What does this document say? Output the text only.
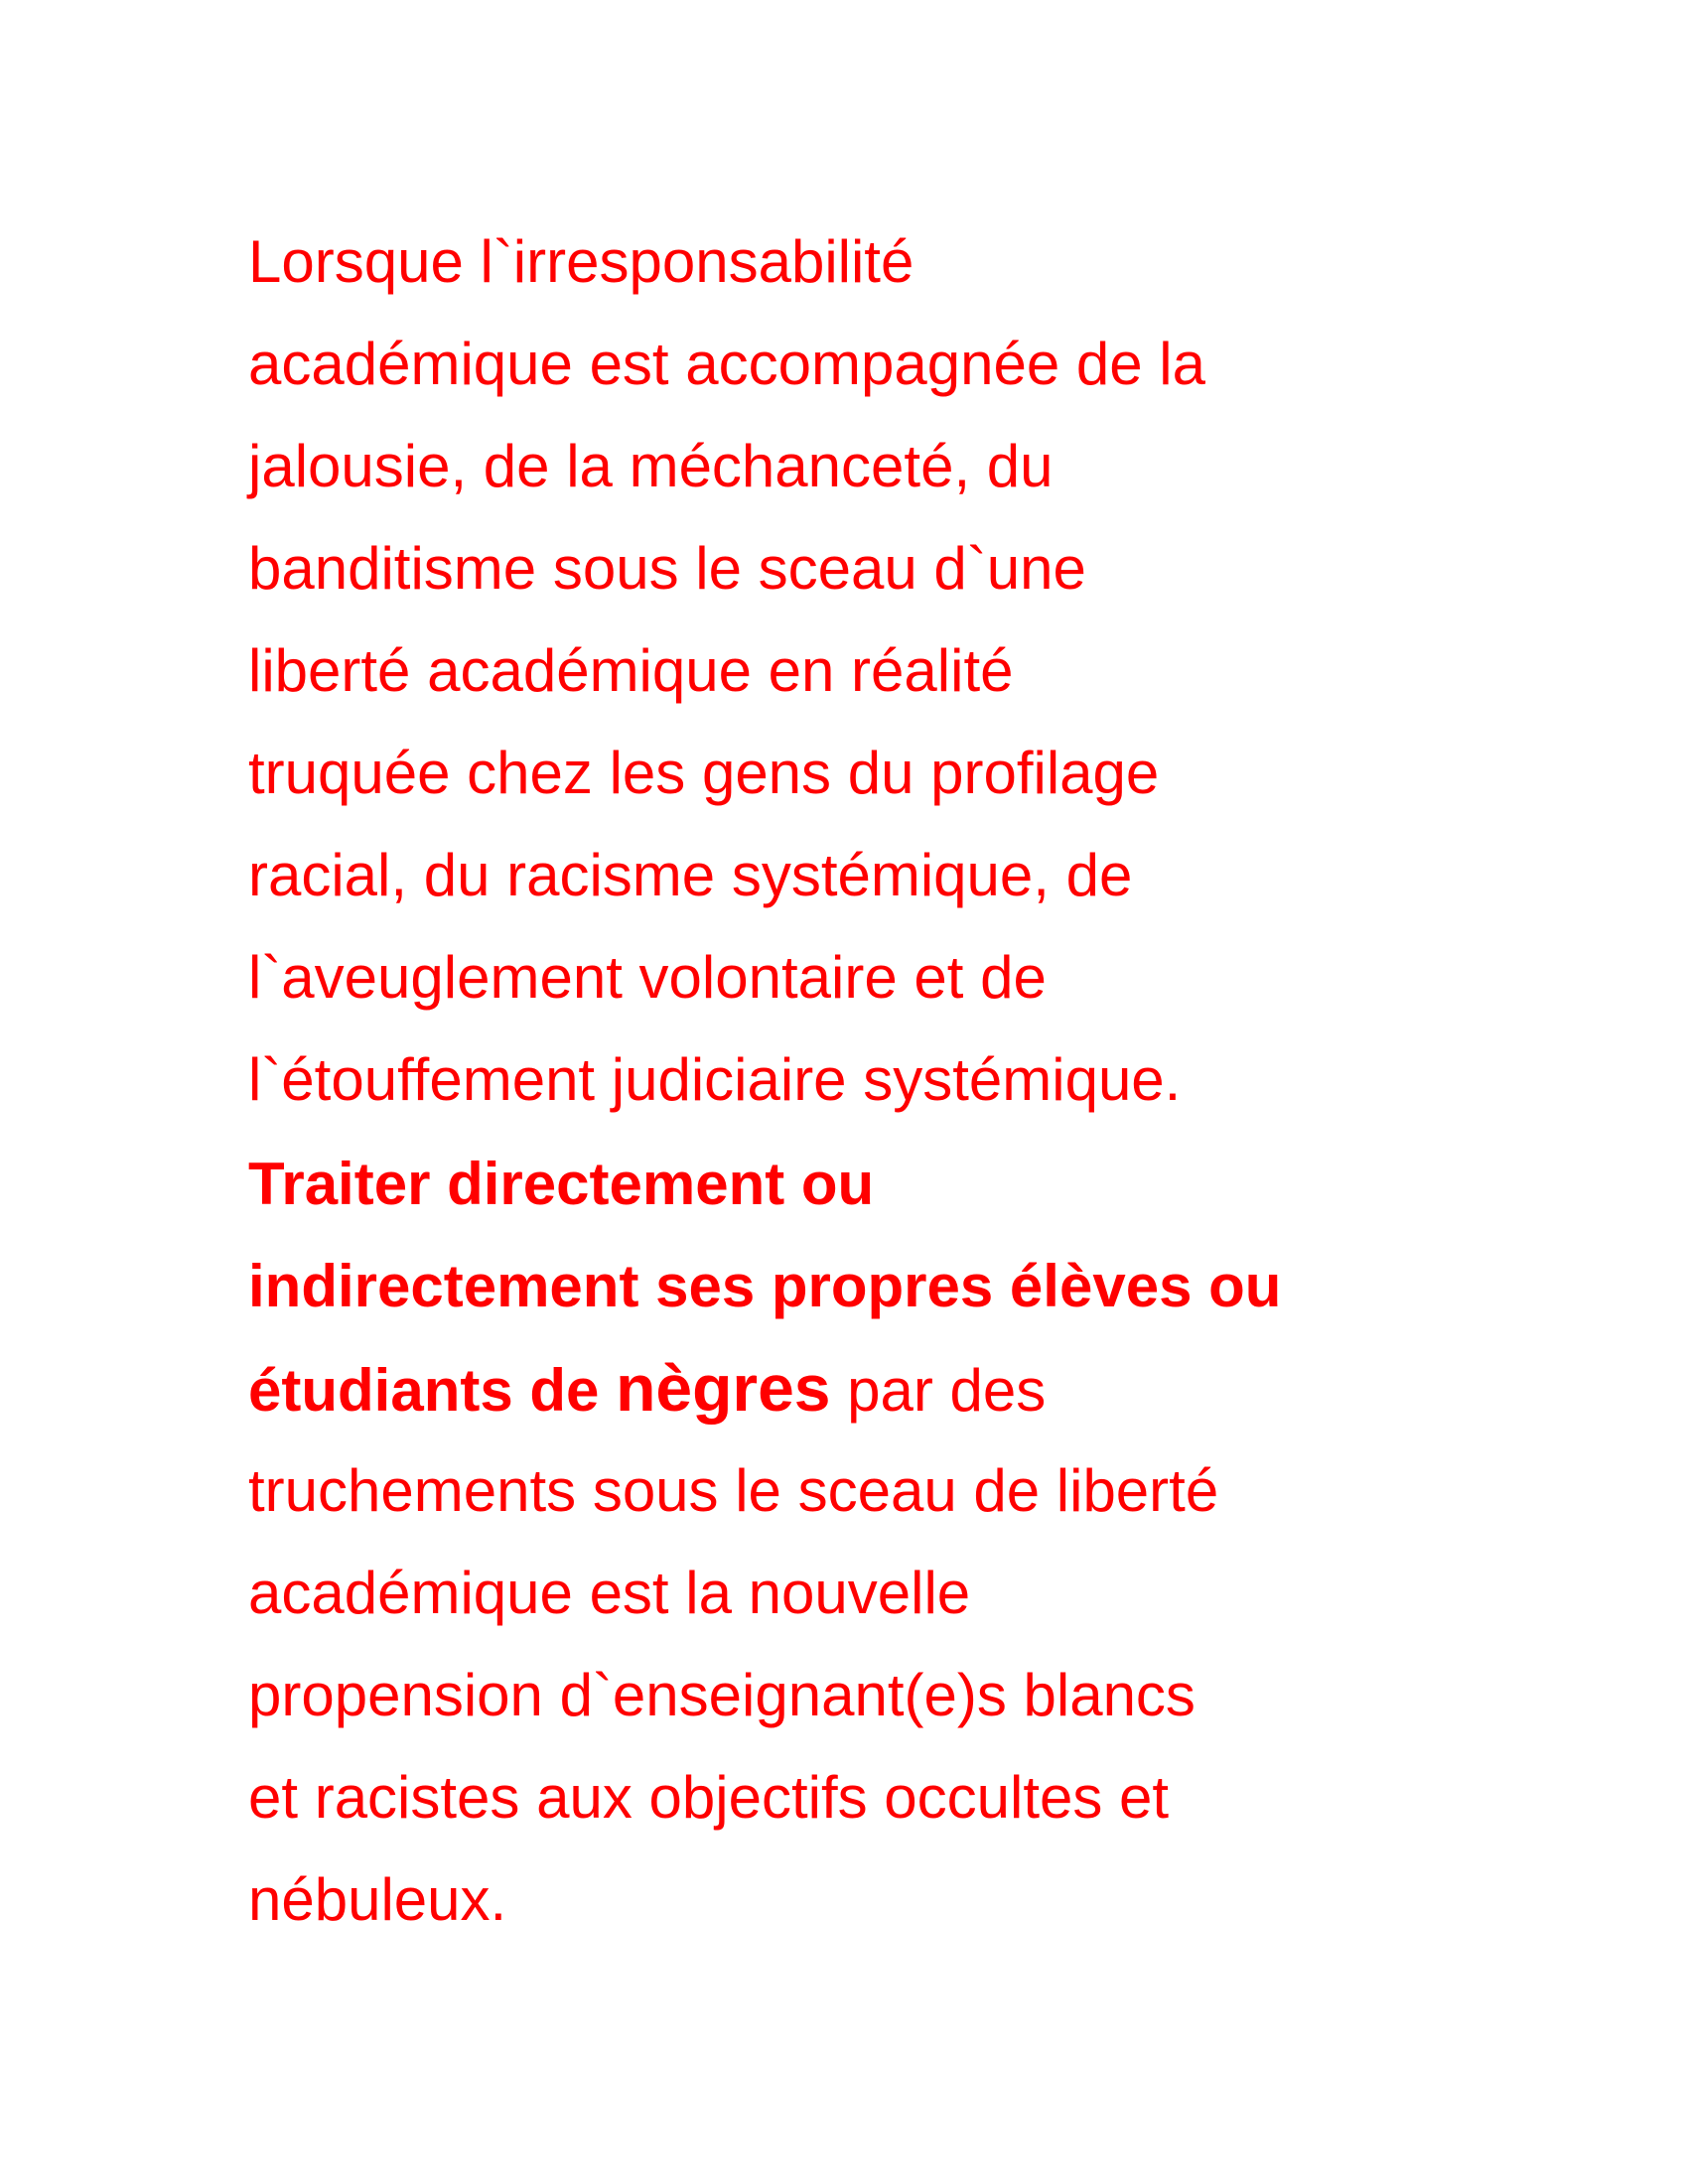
Lorsque l`irresponsabilité
académique est accompagnée de la
jalousie, de la méchanceté, du
banditisme sous le sceau d`une
liberté académique en réalité
truquée chez les gens du profilage
racial, du racisme systémique, de
l`aveuglement volontaire et de
l`étouffement judiciaire systémique.
Traiter directement ou
indirectement ses propres élèves ou
étudiants de nègres par des
truchements sous le sceau de liberté
académique est la nouvelle
propension d`enseignant(e)s blancs
et racistes aux objectifs occultes et
nébuleux.
